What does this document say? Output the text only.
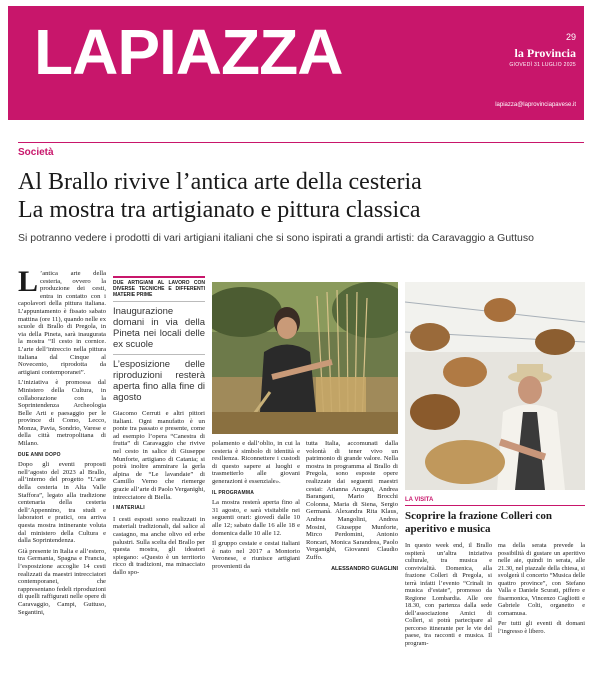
LAPIAZZA	29
la Provincia
GIOVEDÌ 31 LUGLIO 2025
lapiazza@laprovinciapavese.it
Società
Al Brallo rivive l’antica arte della cesteria
La mostra tra artigianato e pittura classica
Si potranno vedere i prodotti di vari artigiani italiani che si sono ispirati a grandi artisti: da Caravaggio a Guttuso

L ’antica arte della cesteria, ovvero la produzione dei cesti, entra in contatto con i capolavori della pittura italiana. L’appuntamento è fissato sabato mattina (ore 11), quando nelle ex scuole di Brallo di Pregola, in via della Pineta, sarà inaugurata la mostra “Il cesto in cornice. L’arte dell’intreccio nella pittura italiana dal Cinque al Novecento, riprodotta da artigiani contemporanei”.

L’iniziativa è promossa dal Ministero della Cultura, in collaborazione con la Soprintendenza Archeologia Belle Arti e paesaggio per le province di Como, Lecco, Monza, Pavia, Sondrio, Varese e della città metropolitana di Milano.

DUE ANNI DOPO

Dopo gli eventi proposti nell’agosto del 2023 al Brallo, all’interno del progetto “L’arte della cesteria in Alta Valle Staffora”, legato alla tradizione centenaria della cesteria dell’Appennino, tra studi e laboratori e pratici, ora arriva questa mostra intinerante voluta dal ministero della Cultura e dalla Soprintendenza.

Già presente in Italia e all’estero, tra Germania, Spagna e Francia, l’esposizione accoglie 14 cesti realizzati da maestri intrecciatori contemporanei, che rappresentano fedeli riproduzioni di quelli raffigurati nelle opere di Caravaggio, Campi, Guttuso, Segantini,

DUE ARTIGIANI AL LAVORO CON DIVERSE TECNICHE E DIFFERENTI MATERIE PRIME
Inaugurazione domani in via della Pineta nei locali delle ex scuole
L’esposizione delle riproduzioni resterà aperta fino alla fine di agosto

Giacomo Cerruti e altri pittori italiani. Ogni manufatto è un ponte tra passato e presente, come ad esempio l’opera “Canestra di frutta” di Caravaggio che rivive nel cesto in salice di Giuseppe Munforte, artigiano di Catania; si potrà inoltre ammirare la gerla alpina de “Le lavandaie” di Camillo Verno che riemerge grazie all’arte di Paolo Verganighi, intrecciatore di Biella.

I MATERIALI

I cesti esposti sono realizzati in materiali tradizionali, dal salice al castagno, ma anche olivo ed erbe palustri. Sulla scelta del Brallo per questa mostra, gli ideatori spiegano: «Questo è un territorio ricco di tradizioni, ma minacciato dallo spo-

polamento e dall’oblio, in cui la cesteria è simbolo di identità e resilienza. Riconnettere i custodi di questo sapere ai luoghi e trasmetterlo alle giovani generazioni è essenziale».

IL PROGRAMMA

La mostra resterà aperta fino al 31 agosto, e sarà visitabile nei seguenti orari: giovedì dalle 10 alle 12; sabato dalle 16 alle 18 e domenica dalle 10 alle 12.

Il gruppo cestaie e cestai italiani è nato nel 2017 a Montorio Veronese, e riunisce artigiani provenienti da

tutta Italia, accomunati dalla volontà di tener vivo un patrimonio di grande valore. Nella mostra in programma al Brallo di Pregola, sono esposte opere realizzate dai seguenti maestri cestai: Arianna Arcagni, Andrea Barangani, Mario Brocchi Colonna, Maria di Siena, Sergio Germanà. Alexandra Rita Klaus, Andrea Mangolini, Andrea Mosini, Giuseppe Munforte, Mirco Perdomini, Antonio Roncari, Monica Sarandrea, Paolo Verganighi, Giovanni Claudio Zuffo.

ALESSANDRO GUAGLINI
LA VISITA
Scoprire la frazione Colleri con aperitivo e musica

In questo week end, il Brallo ospiterà un’altra iniziativa culturale, tra musica e convivialità. Domenica, alla frazione Colleri di Pregola, si terrà infatti l’evento “Crinali in musica d’estate”, promosso da Regione Lombardia. Alle ore 18.30, con partenza dalla sede dell’associazione Amici di Colleri, si potrà partecipare al percorso itinerante per le vie del paese, tra racconti e musica. Il program-

ma della serata prevede la possibilità di gustare un aperitivo nelle aie, quindi in serata, alle 21.30, nel piazzale della chiesa, si svolgerà il concerto “Musica delle quattro province”, con Stefano Valla e Daniele Scurati, piffero e fisarmonica, Vincenzo Cagliotti e Gabriele Colti, organetto e cornamusa.

Per tutti gli eventi di domani l’ingresso è libero.
